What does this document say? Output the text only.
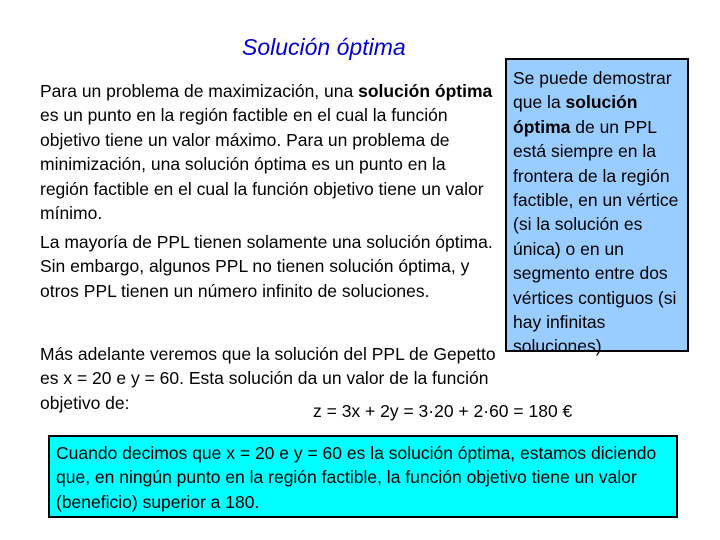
Solución óptima

Para un problema de maximización, una solución óptima es un punto en la región factible en el cual la función objetivo tiene un valor máximo. Para un problema de minimización, una solución óptima es un punto en la región factible en el cual la función objetivo tiene un valor mínimo.

La mayoría de PPL tienen solamente una solución óptima. Sin embargo, algunos PPL no tienen solución óptima, y otros PPL tienen un número infinito de soluciones.

Más adelante veremos que la solución del PPL de Gepetto es x = 20 e y = 60. Esta solución da un valor de la función objetivo de:	z = 3x + 2y = 3·20 + 2·60 = 180 €
Se puede demostrar que la solución óptima de un PPL está siempre en la frontera de la región factible, en un vértice (si la solución es única) o en un segmento entre dos vértices contiguos (si hay infinitas soluciones)
Cuando decimos que x = 20 e y = 60 es la solución óptima, estamos diciendo que, en ningún punto en la región factible, la función objetivo tiene un valor (beneficio) superior a 180.
